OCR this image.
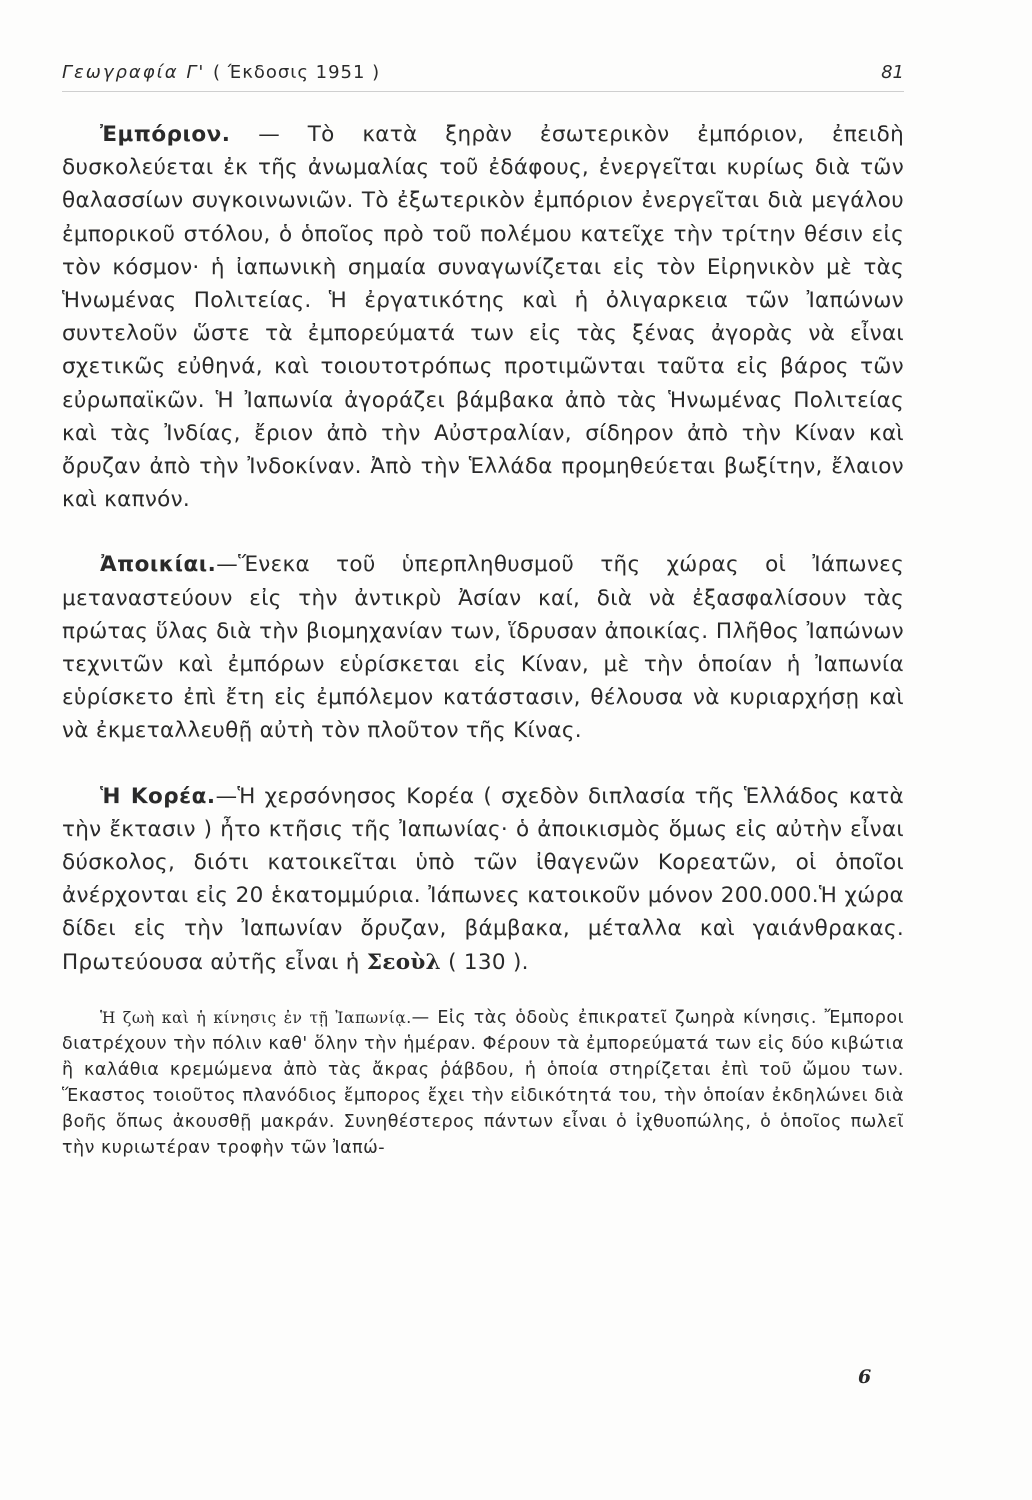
Γεωγραφία Γ' ( Έκδοσις 1951 )	81

Ἐμπόριον. — Τὸ κατὰ ξηρὰν ἐσωτερικὸν ἐμπόριον, ἐπειδὴ δυσκολεύεται ἐκ τῆς ἀνωμαλίας τοῦ ἐδάφους, ἐνεργεῖται κυρίως διὰ τῶν θαλασσίων συγκοινωνιῶν. Τὸ ἐξωτερικὸν ἐμπόριον ἐνεργεῖται διὰ μεγάλου ἐμπορικοῦ στόλου, ὁ ὁποῖος πρὸ τοῦ πολέμου κατεῖχε τὴν τρίτην θέσιν εἰς τὸν κόσμον· ἡ ἰαπωνικὴ σημαία συναγωνίζεται εἰς τὸν Εἰρηνικὸν μὲ τὰς Ἡνωμένας Πολιτείας. Ἡ ἐργατικότης καὶ ἡ ὀλιγαρκεια τῶν Ἰαπώνων συντελοῦν ὥστε τὰ ἐμπορεύματά των εἰς τὰς ξένας ἀγορὰς νὰ εἶναι σχετικῶς εὐθηνά, καὶ τοιουτοτρόπως προτιμῶνται ταῦτα εἰς βάρος τῶν εὐρωπαϊκῶν. Ἡ Ἰαπωνία ἀγοράζει βάμβακα ἀπὸ τὰς Ἡνωμένας Πολιτείας καὶ τὰς Ἰνδίας, ἔριον ἀπὸ τὴν Αὐστραλίαν, σίδηρον ἀπὸ τὴν Κίναν καὶ ὄρυζαν ἀπὸ τὴν Ἰνδοκίναν. Ἀπὸ τὴν Ἑλλάδα προμηθεύεται βωξίτην, ἔλαιον καὶ καπνόν.

Ἀποικίαι.—Ἕνεκα τοῦ ὑπερπληθυσμοῦ τῆς χώρας οἱ Ἰάπωνες μεταναστεύουν εἰς τὴν ἀντικρὺ Ἀσίαν καί, διὰ νὰ ἐξασφαλίσουν τὰς πρώτας ὕλας διὰ τὴν βιομηχανίαν των, ἵδρυσαν ἀποικίας. Πλῆθος Ἰαπώνων τεχνιτῶν καὶ ἐμπόρων εὑρίσκεται εἰς Κίναν, μὲ τὴν ὁποίαν ἡ Ἰαπωνία εὑρίσκετο ἐπὶ ἔτη εἰς ἐμπόλεμον κατάστασιν, θέλουσα νὰ κυριαρχήσῃ καὶ νὰ ἐκμεταλλευθῇ αὐτὴ τὸν πλοῦτον τῆς Κίνας.

Ἡ Κορέα.—Ἡ χερσόνησος Κορέα ( σχεδὸν διπλασία τῆς Ἑλλάδος κατὰ τὴν ἔκτασιν ) ἦτο κτῆσις τῆς Ἰαπωνίας· ὁ ἀποικισμὸς ὅμως εἰς αὐτὴν εἶναι δύσκολος, διότι κατοικεῖται ὑπὸ τῶν ἰθαγενῶν Κορεατῶν, οἱ ὁποῖοι ἀνέρχονται εἰς 20 ἑκατομμύρια. Ἰάπωνες κατοικοῦν μόνον 200.000.Ἡ χώρα δίδει εἰς τὴν Ἰαπωνίαν ὄρυζαν, βάμβακα, μέταλλα καὶ γαιάνθρακας. Πρωτεύουσα αὐτῆς εἶναι ἡ Σεοὺλ ( 130 ).

Ἡ ζωὴ καὶ ἡ κίνησις ἐν τῇ Ἰαπωνίᾳ.— Εἰς τὰς ὁδοὺς ἐπικρατεῖ ζωηρὰ κίνησις. Ἔμποροι διατρέχουν τὴν πόλιν καθ' ὅλην τὴν ἡμέραν. Φέρουν τὰ ἐμπορεύματά των εἰς δύο κιβώτια ἢ καλάθια κρεμώμενα ἀπὸ τὰς ἄκρας ῥάβδου, ἡ ὁποία στηρίζεται ἐπὶ τοῦ ὤμου των. Ἕκαστος τοιοῦτος πλανόδιος ἔμπορος ἔχει τὴν εἰδικότητά του, τὴν ὁποίαν ἐκδηλώνει διὰ βοῆς ὅπως ἀκουσθῇ μακράν. Συνηθέστερος πάντων εἶναι ὁ ἰχθυοπώλης, ὁ ὁποῖος πωλεῖ τὴν κυριωτέραν τροφὴν τῶν Ἰαπώ-

6
